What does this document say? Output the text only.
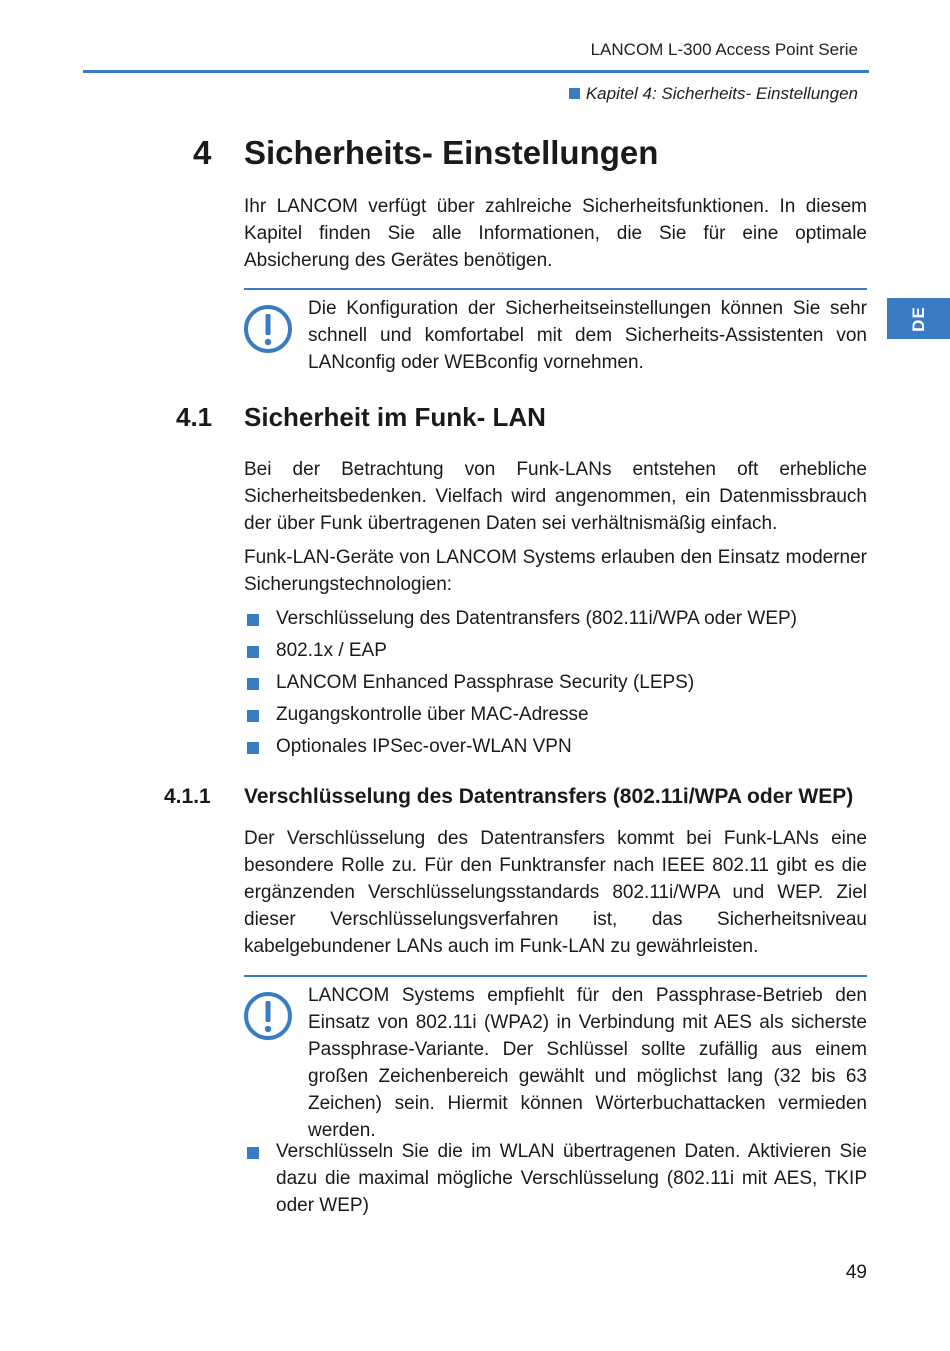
LANCOM L-300 Access Point Serie
Kapitel 4: Sicherheits- Einstellungen
DE
4 Sicherheits- Einstellungen

Ihr LANCOM verfügt über zahlreiche Sicherheitsfunktionen. In diesem Kapitel finden Sie alle Informationen, die Sie für eine optimale Absicherung des Gerätes benötigen.

Die Konfiguration der Sicherheitseinstellungen können Sie sehr schnell und komfortabel mit dem Sicherheits-Assistenten von LANconfig oder WEBconfig vornehmen.

4.1 Sicherheit im Funk- LAN

Bei der Betrachtung von Funk-LANs entstehen oft erhebliche Sicherheitsbedenken. Vielfach wird angenommen, ein Datenmissbrauch der über Funk übertragenen Daten sei verhältnismäßig einfach.

Funk-LAN-Geräte von LANCOM Systems erlauben den Einsatz moderner Sicherungstechnologien:

Verschlüsselung des Datentransfers (802.11i/WPA oder WEP)
802.1x / EAP
LANCOM Enhanced Passphrase Security (LEPS)
Zugangskontrolle über MAC-Adresse
Optionales IPSec-over-WLAN VPN
4.1.1 Verschlüsselung des Datentransfers (802.11i/WPA oder WEP)

Der Verschlüsselung des Datentransfers kommt bei Funk-LANs eine besondere Rolle zu. Für den Funktransfer nach IEEE 802.11 gibt es die ergänzenden Verschlüsselungsstandards 802.11i/WPA und WEP. Ziel dieser Verschlüsselungsverfahren ist, das Sicherheitsniveau kabelgebundener LANs auch im Funk-LAN zu gewährleisten.

LANCOM Systems empfiehlt für den Passphrase-Betrieb den Einsatz von 802.11i (WPA2) in Verbindung mit AES als sicherste Passphrase-Variante. Der Schlüssel sollte zufällig aus einem großen Zeichenbereich gewählt und möglichst lang (32 bis 63 Zeichen) sein. Hiermit können Wörterbuchattacken vermieden werden.

Verschlüsseln Sie die im WLAN übertragenen Daten. Aktivieren Sie dazu die maximal mögliche Verschlüsselung (802.11i mit AES, TKIP oder WEP)
49
